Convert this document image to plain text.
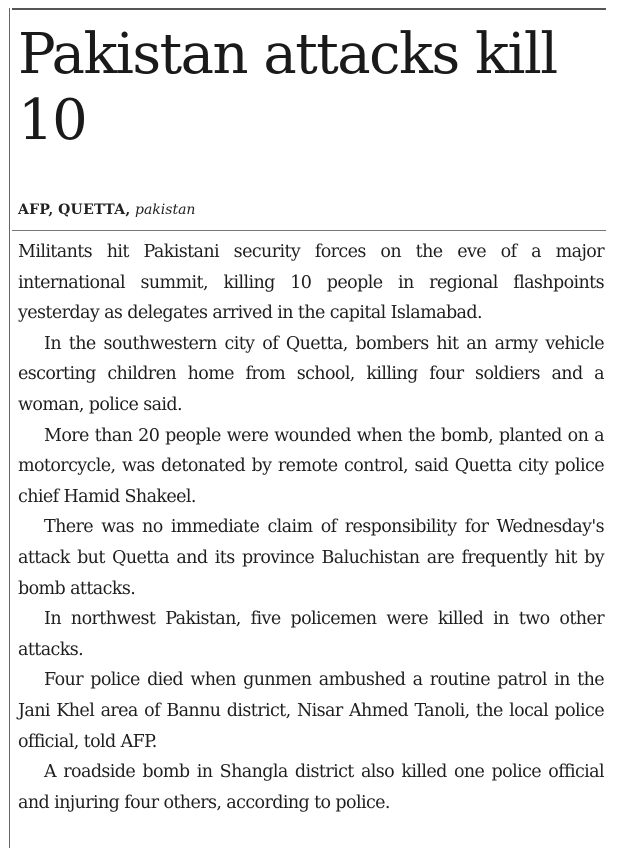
Pakistan attacks kill 10
AFP, QUETTA, pakistan

Militants hit Pakistani security forces on the eve of a major international summit, killing 10 people in regional flashpoints yesterday as delegates arrived in the capital Islamabad.

In the southwestern city of Quetta, bombers hit an army vehicle escorting children home from school, killing four soldiers and a woman, police said.

More than 20 people were wounded when the bomb, planted on a motorcycle, was detonated by remote control, said Quetta city police chief Hamid Shakeel.

There was no immediate claim of responsibility for Wednesday's attack but Quetta and its province Baluchistan are frequently hit by bomb attacks.

In northwest Pakistan, five policemen were killed in two other attacks.

Four police died when gunmen ambushed a routine patrol in the Jani Khel area of Bannu district, Nisar Ahmed Tanoli, the local police official, told AFP.

A roadside bomb in Shangla district also killed one police official and injuring four others, according to police.
